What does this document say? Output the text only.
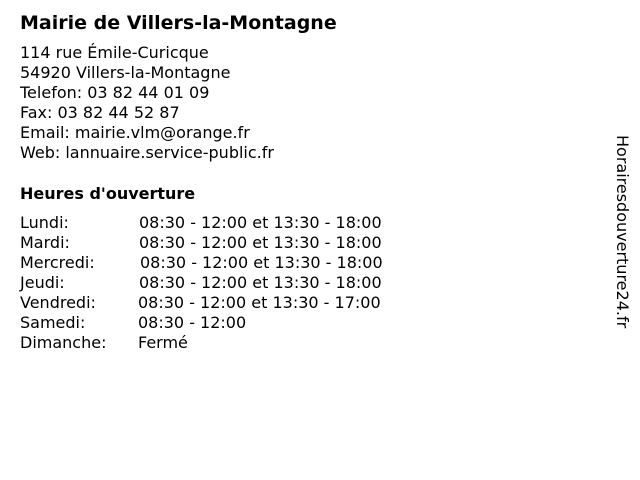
Mairie de Villers-la-Montagne
114 rue Émile-Curicque
54920 Villers-la-Montagne
Telefon: 03 82 44 01 09
Fax: 03 82 44 52 87
Email: mairie.vlm@orange.fr
Web: lannuaire.service-public.fr
Heures d'ouverture
Lundi:	08:30 - 12:00 et 13:30 - 18:00
Mardi:	08:30 - 12:00 et 13:30 - 18:00
Mercredi:	08:30 - 12:00 et 13:30 - 18:00
Jeudi:	08:30 - 12:00 et 13:30 - 18:00
Vendredi:	08:30 - 12:00 et 13:30 - 17:00
Samedi:	08:30 - 12:00
Dimanche: Fermé
Horairesdouverture24.fr
